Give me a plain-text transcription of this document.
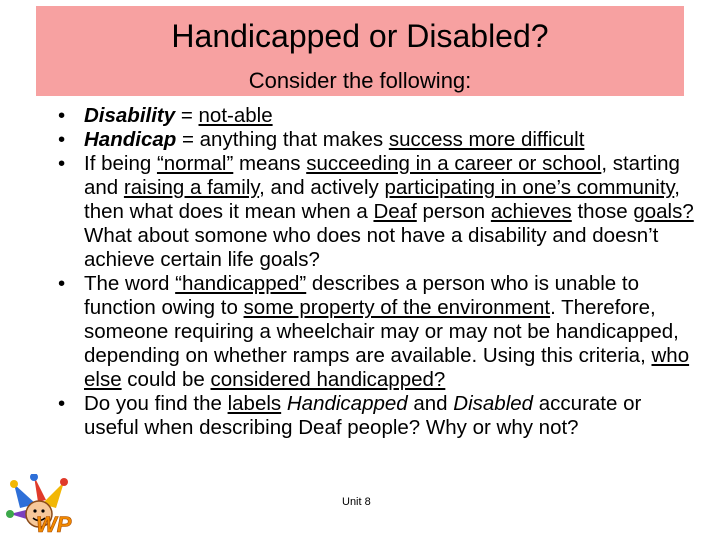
Handicapped or Disabled?
Consider the following:
• Disability = not-able
• Handicap = anything that makes success more difficult
• If being “normal” means succeeding in a career or school, starting and raising a family, and actively participating in one’s community, then what does it mean when a Deaf person achieves those goals? What about somone who does not have a disability and doesn’t achieve certain life goals?
• The word “handicapped” describes a person who is unable to function owing to some property of the environment. Therefore, someone requiring a wheelchair may or may not be handicapped, depending on whether ramps are available. Using this criteria, who else could be considered handicapped?
• Do you find the labels Handicapped and Disabled accurate or useful when describing Deaf people? Why or why not?
Unit 8
WP
